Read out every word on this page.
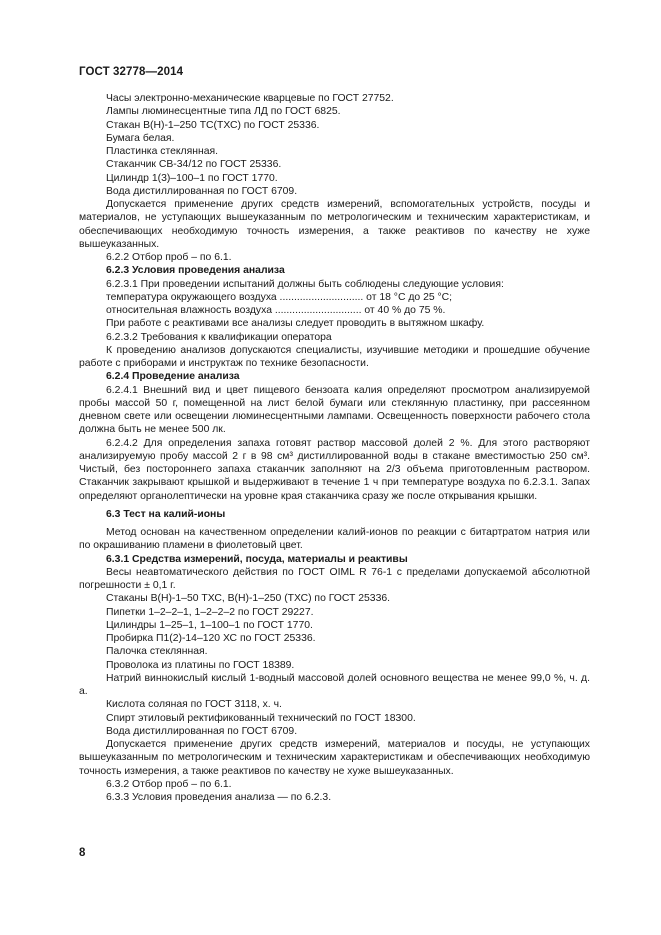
ГОСТ 32778—2014

Часы электронно-механические кварцевые по ГОСТ 27752.

Лампы люминесцентные типа ЛД по ГОСТ 6825.

Стакан В(Н)-1–250 ТС(ТХС) по ГОСТ 25336.

Бумага белая.

Пластинка стеклянная.

Стаканчик СВ-34/12 по ГОСТ 25336.

Цилиндр 1(3)–100–1 по ГОСТ 1770.

Вода дистиллированная по ГОСТ 6709.

Допускается применение других средств измерений, вспомогательных устройств, посуды и материалов, не уступающих вышеуказанным по метрологическим и техническим характеристикам, и обеспечивающих необходимую точность измерения, а также реактивов по качеству не хуже вышеуказанных.

6.2.2 Отбор проб – по 6.1.

6.2.3 Условия проведения анализа

6.2.3.1 При проведении испытаний должны быть соблюдены следующие условия:

температура окружающего воздуха ............................. от 18 °С до 25 °С;

относительная влажность воздуха .............................. от 40 % до 75 %.

При работе с реактивами все анализы следует проводить в вытяжном шкафу.

6.2.3.2 Требования к квалификации оператора

К проведению анализов допускаются специалисты, изучившие методики и прошедшие обучение работе с приборами и инструктаж по технике безопасности.

6.2.4 Проведение анализа

6.2.4.1 Внешний вид и цвет пищевого бензоата калия определяют просмотром анализируемой пробы массой 50 г, помещенной на лист белой бумаги или стеклянную пластинку, при рассеянном дневном свете или освещении люминесцентными лампами. Освещенность поверхности рабочего стола должна быть не менее 500 лк.

6.2.4.2 Для определения запаха готовят раствор массовой долей 2 %. Для этого растворяют анализируемую пробу массой 2 г в 98 см³ дистиллированной воды в стакане вместимостью 250 см³. Чистый, без постороннего запаха стаканчик заполняют на 2/3 объема приготовленным раствором. Стаканчик закрывают крышкой и выдерживают в течение 1 ч при температуре воздуха по 6.2.3.1. Запах определяют органолептически на уровне края стаканчика сразу же после открывания крышки.

6.3 Тест на калий-ионы

Метод основан на качественном определении калий-ионов по реакции с битартратом натрия или по окрашиванию пламени в фиолетовый цвет.

6.3.1 Средства измерений, посуда, материалы и реактивы

Весы неавтоматического действия по ГОСТ OIML R 76-1 с пределами допускаемой абсолютной погрешности ± 0,1 г.

Стаканы В(Н)-1–50 ТХС, В(Н)-1–250 (ТХС) по ГОСТ 25336.

Пипетки 1–2–2–1, 1–2–2–2 по ГОСТ 29227.

Цилиндры 1–25–1, 1–100–1 по ГОСТ 1770.

Пробирка П1(2)-14–120 ХС по ГОСТ 25336.

Палочка стеклянная.

Проволока из платины по ГОСТ 18389.

Натрий виннокислый кислый 1-водный массовой долей основного вещества не менее 99,0 %, ч. д. а.

Кислота соляная по ГОСТ 3118, х. ч.

Спирт этиловый ректификованный технический по ГОСТ 18300.

Вода дистиллированная по ГОСТ 6709.

Допускается применение других средств измерений, материалов и посуды, не уступающих вышеуказанным по метрологическим и техническим характеристикам и обеспечивающих необходимую точность измерения, а также реактивов по качеству не хуже вышеуказанных.

6.3.2 Отбор проб – по 6.1.

6.3.3 Условия проведения анализа — по 6.2.3.

8
